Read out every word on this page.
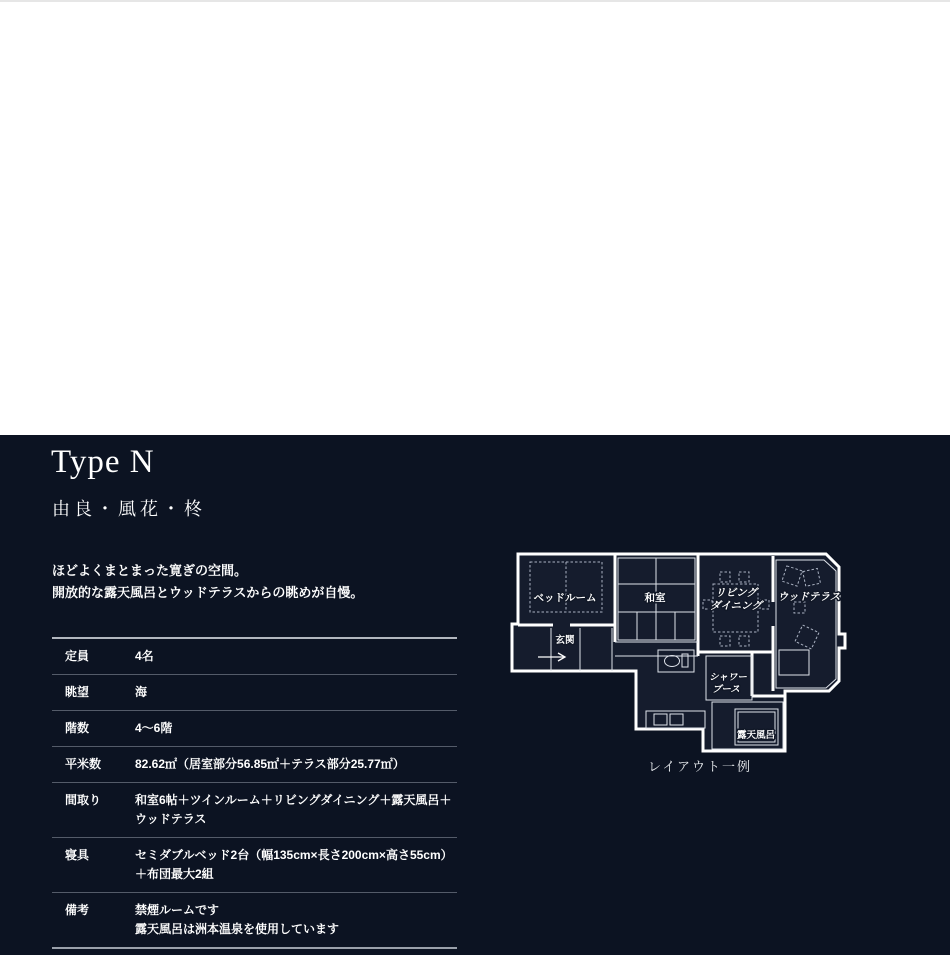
Type N
由良・風花・柊
ほどよくまとまった寛ぎの空間。
開放的な露天風呂とウッドテラスからの眺めが自慢。
定員	4名
眺望	海
階数	4～6階
平米数	82.62㎡（居室部分56.85㎡＋テラス部分25.77㎡）
間取り	和室6帖＋ツインルーム＋リビングダイニング＋露天風呂＋ウッドテラス
寝具	セミダブルベッド2台（幅135cm×長さ200cm×高さ55cm）＋布団最大2組
備考	禁煙ルームです
露天風呂は洲本温泉を使用しています
ベッドルーム
玄関
和室	リビング
ダイニング
ウッドテラス
シャワー
ブース
露天風呂
レイアウト一例
